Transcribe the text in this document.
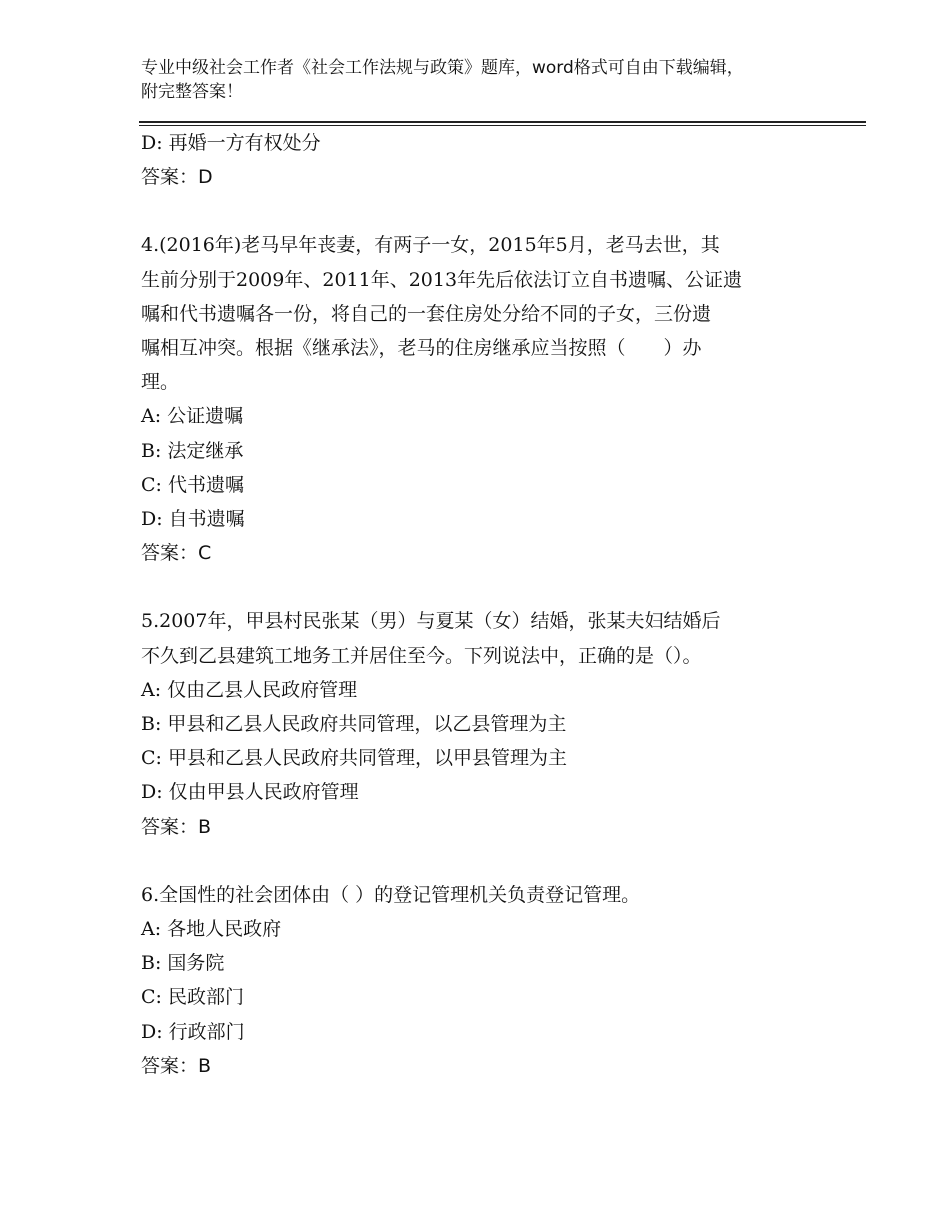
专业中级社会工作者《社会工作法规与政策》题库，word格式可自由下载编辑，
附完整答案！

D: 再婚一方有权处分

答案：D

4.(2016年)老马早年丧妻，有两子一女，2015年5月，老马去世，其

生前分别于2009年、2011年、2013年先后依法订立自书遗嘱、公证遗

嘱和代书遗嘱各一份，将自己的一套住房处分给不同的子女，三份遗

嘱相互冲突。根据《继承法》，老马的住房继承应当按照（　　）办

理。

A: 公证遗嘱

B: 法定继承

C: 代书遗嘱

D: 自书遗嘱

答案：C

5.2007年，甲县村民张某（男）与夏某（女）结婚，张某夫妇结婚后

不久到乙县建筑工地务工并居住至今。下列说法中，正确的是（）。

A: 仅由乙县人民政府管理

B: 甲县和乙县人民政府共同管理，以乙县管理为主

C: 甲县和乙县人民政府共同管理，以甲县管理为主

D: 仅由甲县人民政府管理

答案：B

6.全国性的社会团体由（ ）的登记管理机关负责登记管理。

A: 各地人民政府

B: 国务院

C: 民政部门

D: 行政部门

答案：B
